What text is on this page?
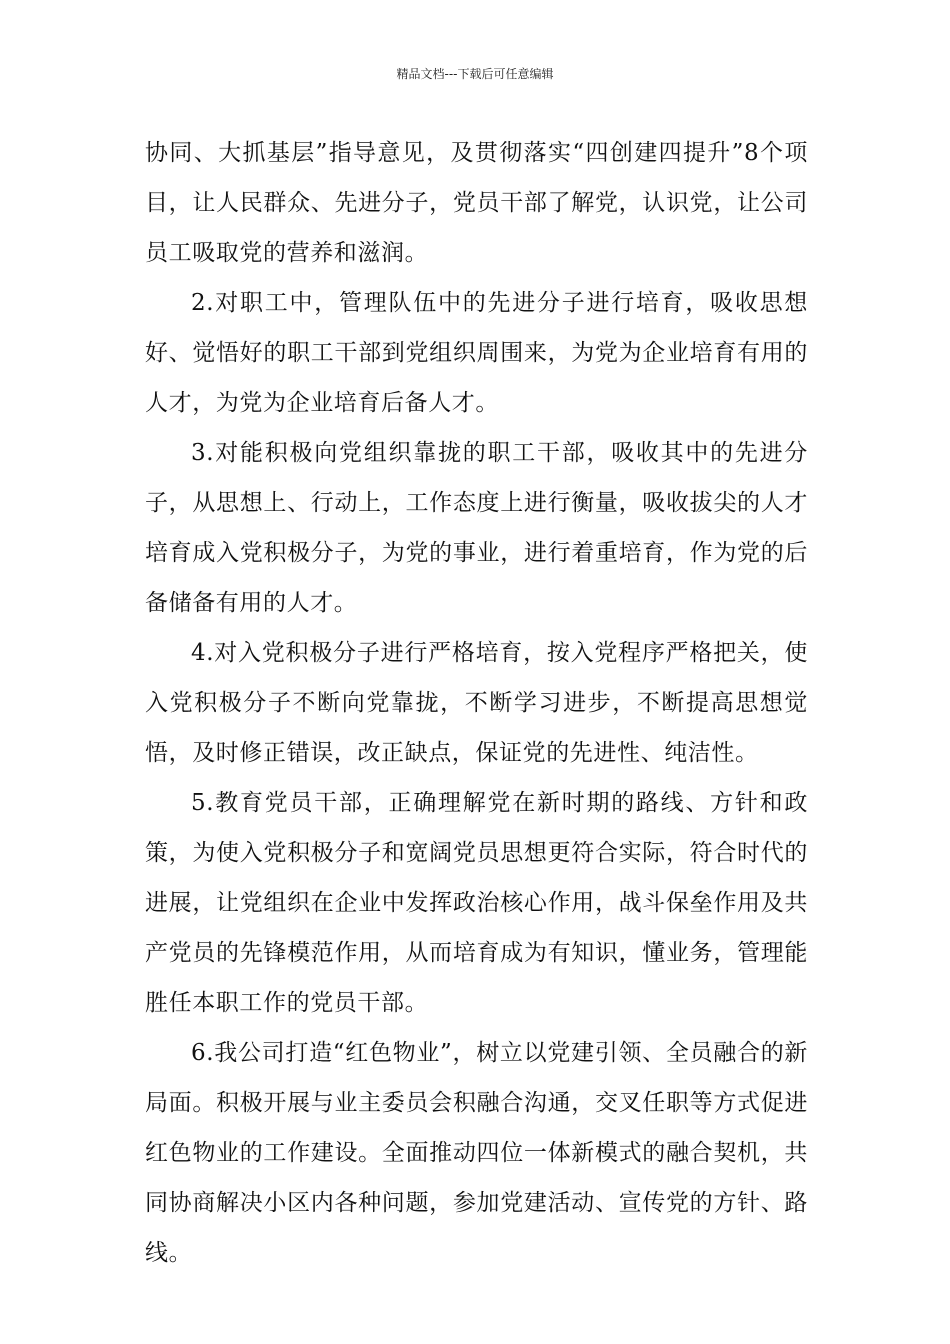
精品文档---下载后可任意编辑

协同、大抓基层”指导意见，及贯彻落实“四创建四提升”8个项目，让人民群众、先进分子，党员干部了解党，认识党，让公司员工吸取党的营养和滋润。

2.对职工中，管理队伍中的先进分子进行培育，吸收思想好、觉悟好的职工干部到党组织周围来，为党为企业培育有用的人才，为党为企业培育后备人才。

3.对能积极向党组织靠拢的职工干部，吸收其中的先进分子，从思想上、行动上，工作态度上进行衡量，吸收拔尖的人才培育成入党积极分子，为党的事业，进行着重培育，作为党的后备储备有用的人才。

4.对入党积极分子进行严格培育，按入党程序严格把关，使入党积极分子不断向党靠拢，不断学习进步，不断提高思想觉悟，及时修正错误，改正缺点，保证党的先进性、纯洁性。

5.教育党员干部，正确理解党在新时期的路线、方针和政策，为使入党积极分子和宽阔党员思想更符合实际，符合时代的进展，让党组织在企业中发挥政治核心作用，战斗保垒作用及共产党员的先锋模范作用，从而培育成为有知识，懂业务，管理能胜任本职工作的党员干部。

6.我公司打造“红色物业”，树立以党建引领、全员融合的新局面。积极开展与业主委员会积融合沟通，交叉任职等方式促进红色物业的工作建设。全面推动四位一体新模式的融合契机，共同协商解决小区内各种问题，参加党建活动、宣传党的方针、路线。
